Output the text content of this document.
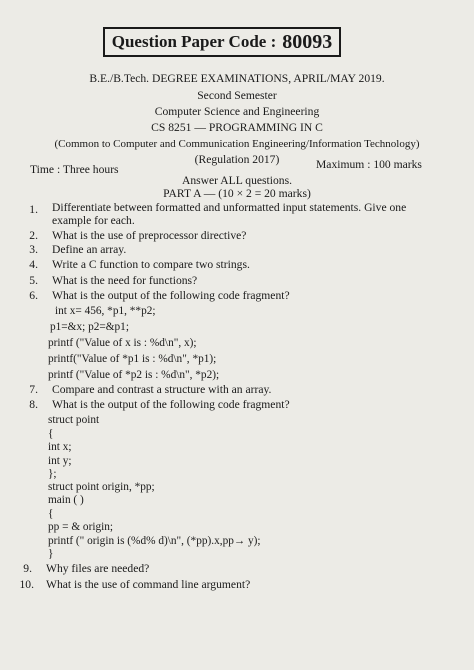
Question Paper Code : 80093
B.E./B.Tech. DEGREE EXAMINATIONS, APRIL/MAY 2019.
Second Semester
Computer Science and Engineering
CS 8251 — PROGRAMMING IN C
(Common to Computer and Communication Engineering/Information Technology)
(Regulation 2017)
Time : Three hours	Maximum : 100 marks
Answer ALL questions.
PART A — (10 × 2 = 20 marks)
1. Differentiate between formatted and unformatted input statements. Give one
example for each.
2. What is the use of preprocessor directive?
3. Define an array.
4. Write a C function to compare two strings.
5. What is the need for functions?
6. What is the output of the following code fragment?
int x= 456, *p1, **p2;
p1=&x; p2=&p1;
printf ("Value of x is : %d\n", x);
printf("Value of *p1 is : %d\n", *p1);
printf ("Value of *p2 is : %d\n", *p2);
7. Compare and contrast a structure with an array.
8. What is the output of the following code fragment?
struct point
{
int x;
int y;
};
struct point origin, *pp;
main ( )
{
pp = & origin;
printf (" origin is (%d% d)\n", (*pp).x,pp→ y);
}
9. Why files are needed?
10. What is the use of command line argument?
